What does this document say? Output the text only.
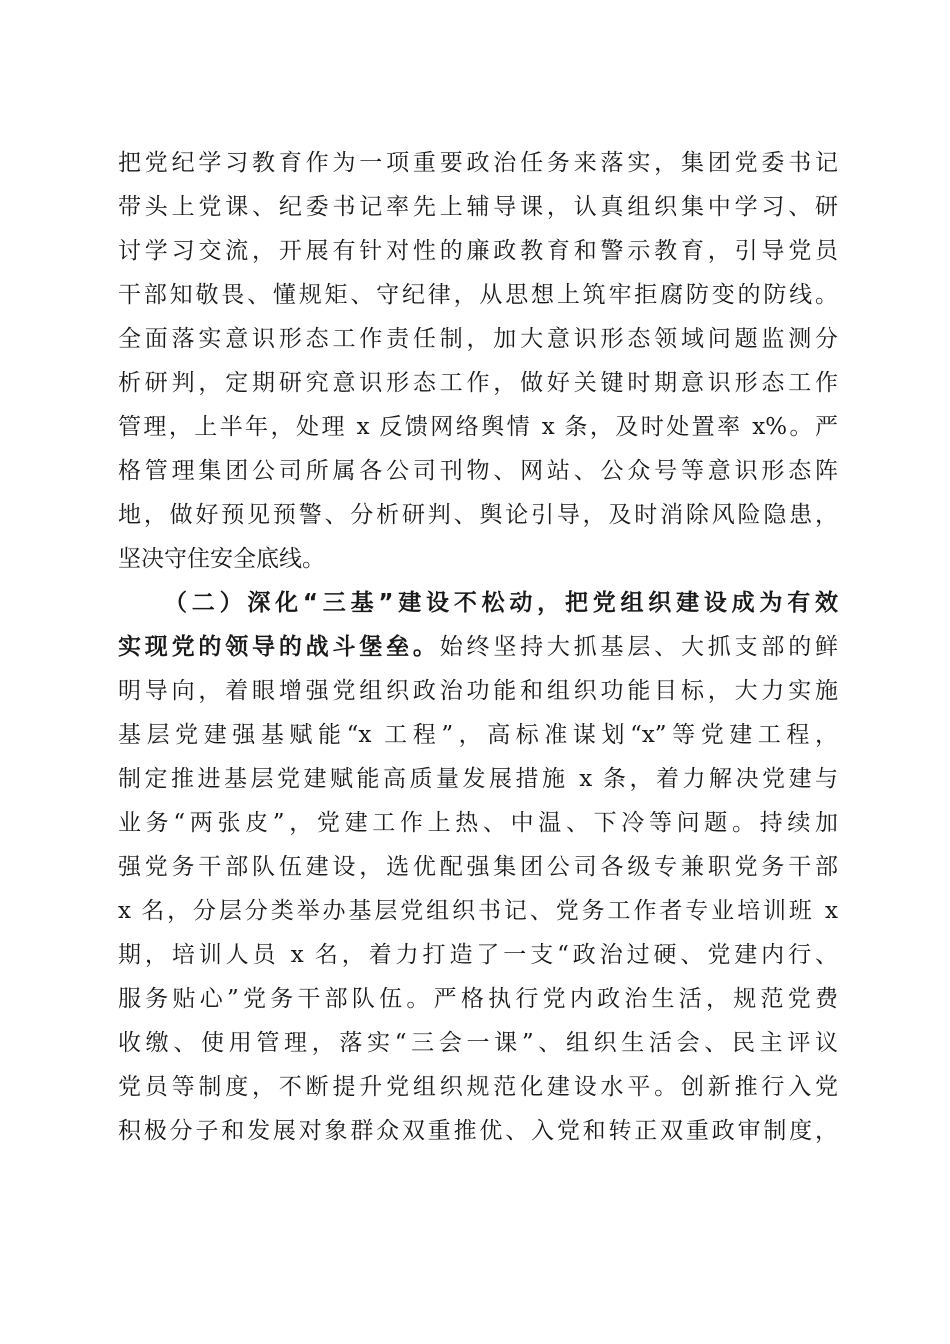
把党纪学习教育作为一项重要政治任务来落实，集团党委书记
带头上党课、纪委书记率先上辅导课，认真组织集中学习、研
讨学习交流，开展有针对性的廉政教育和警示教育，引导党员
干部知敬畏、懂规矩、守纪律，从思想上筑牢拒腐防变的防线。
全面落实意识形态工作责任制，加大意识形态领域问题监测分
析研判，定期研究意识形态工作，做好关键时期意识形态工作
管理，上半年，处理 x 反馈网络舆情 x 条，及时处置率 x%。严
格管理集团公司所属各公司刊物、网站、公众号等意识形态阵
地，做好预见预警、分析研判、舆论引导，及时消除风险隐患，
坚决守住安全底线。
（二）深化“三基”建设不松动，把党组织建设成为有效
实现党的领导的战斗堡垒。始终坚持大抓基层、大抓支部的鲜
明导向，着眼增强党组织政治功能和组织功能目标，大力实施
基层党建强基赋能“x 工程”，高标准谋划“x”等党建工程，
制定推进基层党建赋能高质量发展措施 x 条，着力解决党建与
业务“两张皮”，党建工作上热、中温、下冷等问题。持续加
强党务干部队伍建设，选优配强集团公司各级专兼职党务干部
x 名，分层分类举办基层党组织书记、党务工作者专业培训班 x
期，培训人员 x 名，着力打造了一支“政治过硬、党建内行、
服务贴心”党务干部队伍。严格执行党内政治生活，规范党费
收缴、使用管理，落实“三会一课”、组织生活会、民主评议
党员等制度，不断提升党组织规范化建设水平。创新推行入党
积极分子和发展对象群众双重推优、入党和转正双重政审制度，
